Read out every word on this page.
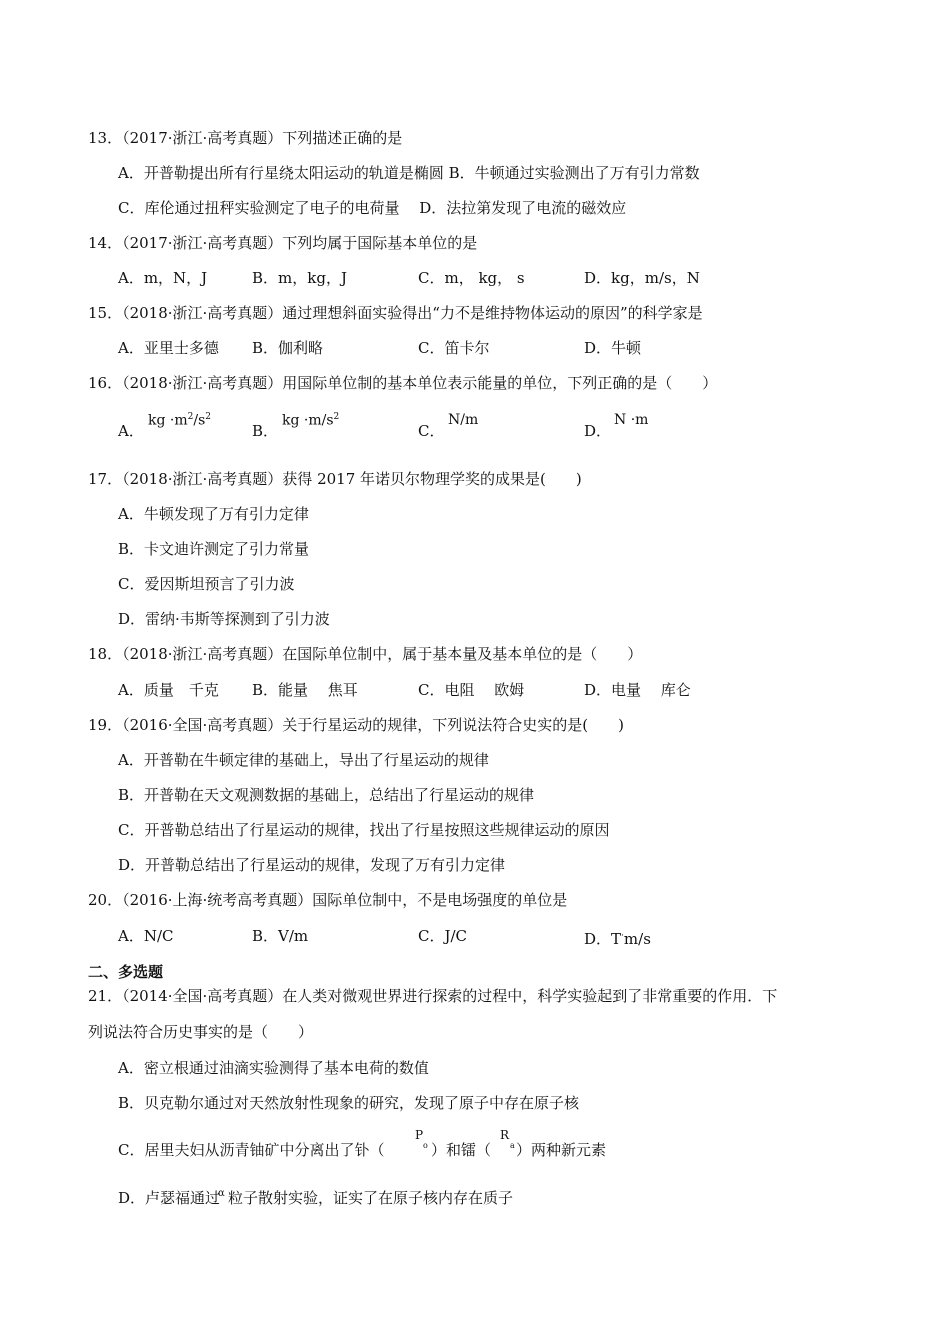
13．（2017·浙江·高考真题）下列描述正确的是
A．开普勒提出所有行星绕太阳运动的轨道是椭圆 B．牛顿通过实验测出了万有引力常数
C．库伦通过扭秤实验测定了电子的电荷量　 D．法拉第发现了电流的磁效应
14．（2017·浙江·高考真题）下列均属于国际基本单位的是
A．m，N，J	B．m，kg，J	C．m， kg， s	D．kg，m/s，N
15．（2018·浙江·高考真题）通过理想斜面实验得出“力不是维持物体运动的原因”的科学家是
A．亚里士多德 B．伽利略	C．笛卡尔	D．牛顿
16．（2018·浙江·高考真题）用国际单位制的基本单位表示能量的单位，下列正确的是（　　）
A．
kg $\cdot m^2/s^2$
B．
kg $\cdot m/s^2$
C．
N/m
D．
N ·m
17．（2018·浙江·高考真题）获得 2017 年诺贝尔物理学奖的成果是(　　)
A．牛顿发现了万有引力定律
B．卡文迪许测定了引力常量
C．爱因斯坦预言了引力波
D．雷纳·韦斯等探测到了引力波
18．（2018·浙江·高考真题）在国际单位制中，属于基本量及基本单位的是（　　）
A．质量　千克 B．能量　 焦耳	C．电阻　 欧姆	D．电量　 库仑
19．（2016·全国·高考真题）关于行星运动的规律，下列说法符合史实的是(　　)
A．开普勒在牛顿定律的基础上，导出了行星运动的规律
B．开普勒在天文观测数据的基础上，总结出了行星运动的规律
C．开普勒总结出了行星运动的规律，找出了行星按照这些规律运动的原因
D．开普勒总结出了行星运动的规律，发现了万有引力定律
20．（2016·上海·统考高考真题）国际单位制中，不是电场强度的单位是
A．N/C	B．V/m	C．J/C	D．T·m/s
二、多选题
21．（2014·全国·高考真题）在人类对微观世界进行探索的过程中，科学实验起到了非常重要的作用．下
列说法符合历史事实的是（　　）
A．密立根通过油滴实验测得了基本电荷的数值
B．贝克勒尔通过对天然放射性现象的研究，发现了原子中存在原子核
C．居里夫妇从沥青铀矿中分离出了钋（
P
o ）和镭（
R
a ）两种新元素
D．卢瑟福通过
α 粒子散射实验，证实了在原子核内存在质子
